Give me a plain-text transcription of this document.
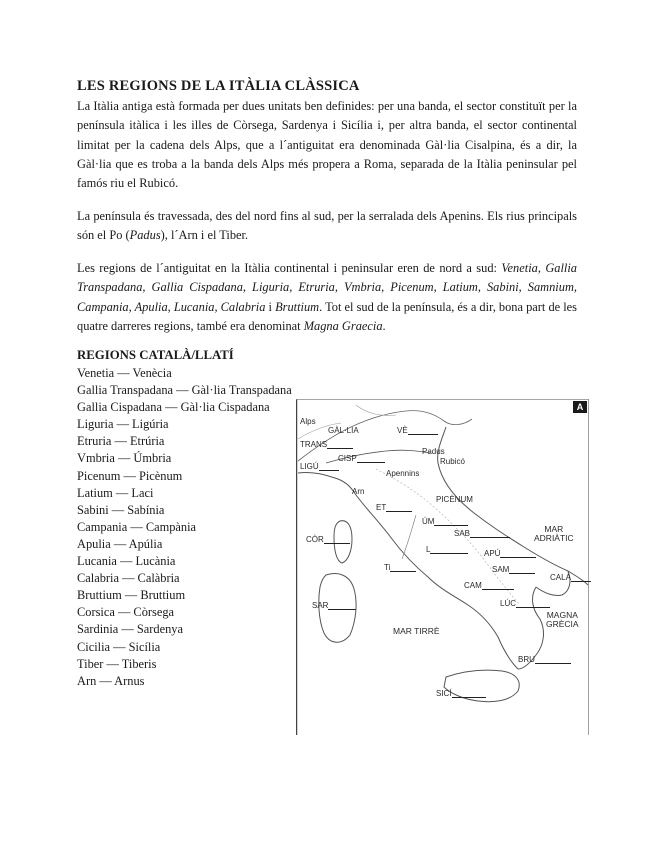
LES REGIONS DE LA ITÀLIA CLÀSSICA

La Itàlia antiga està formada per dues unitats ben definides: per una banda, el sector constituït per la península itàlica i les illes de Còrsega, Sardenya i Sicília i, per altra banda, el sector continental limitat per la cadena dels Alps, que a l´antiguitat era denominada Gàl·lia Cisalpina, és a dir, la Gàl·lia que es troba a la banda dels Alps més propera a Roma, separada de la Itàlia peninsular pel famós riu el Rubicó.

La península és travessada, des del nord fins al sud, per la serralada dels Apenins. Els rius principals són el Po (Padus), l´Arn i el Tiber.

Les regions de l´antiguitat en la Itàlia continental i peninsular eren de nord a sud: Venetia, Gallia Transpadana, Gallia Cispadana, Liguria, Etruria, Vmbria, Picenum, Latium, Sabini, Samnium, Campania, Apulia, Lucania, Calabria i Bruttium. Tot el sud de la península, és a dir, bona part de les quatre darreres regions, també era denominat Magna Graecia.

REGIONS CATALÀ/LLATÍ
Venetia — Venècia
Gallia Transpadana — Gàl·lia Transpadana
Gallia Cispadana — Gàl·lia Cispadana
Liguria — Ligúria
Etruria — Etrúria
Vmbria — Úmbria
Picenum — Picènum
Latium — Laci
Sabini — Sabínia
Campania — Campània
Apulia — Apúlia
Lucania — Lucània
Calabria — Calàbria
Bruttium — Bruttium
Corsica — Còrsega
Sardinia — Sardenya
Cicilia — Sicília
Tiber — Tiberis
Arn — Arnus
A
Alps
GÀL·LIA
TRANS
VÈ
Padus
Rubicó
CISP
LIGÚ
Apennins
Arn
ET
PICÈNUM
ÚM
SAB	MAR
ADRIÀTIC
CÒR
L	APÚ
Ti	SAM
CALÀ
CAM
SAR	LÚC
MAGNA
GRÈCIA
MAR TIRRÈ
BRU
SICÍ
